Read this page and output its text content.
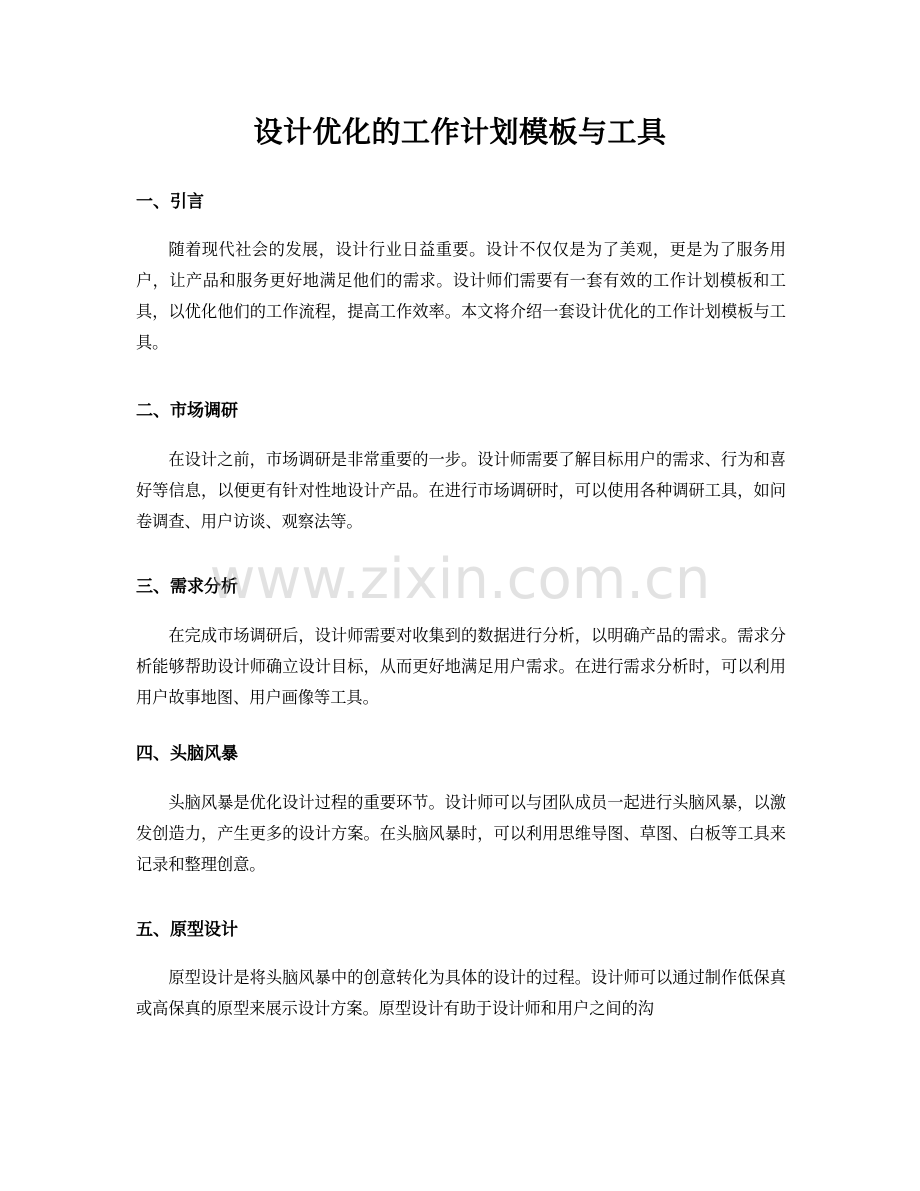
设计优化的工作计划模板与工具
一、引言

随着现代社会的发展，设计行业日益重要。设计不仅仅是为了美观，更是为了服务用户，让产品和服务更好地满足他们的需求。设计师们需要有一套有效的工作计划模板和工具，以优化他们的工作流程，提高工作效率。本文将介绍一套设计优化的工作计划模板与工具。

二、市场调研

在设计之前，市场调研是非常重要的一步。设计师需要了解目标用户的需求、行为和喜好等信息，以便更有针对性地设计产品。在进行市场调研时，可以使用各种调研工具，如问卷调查、用户访谈、观察法等。

三、需求分析

在完成市场调研后，设计师需要对收集到的数据进行分析，以明确产品的需求。需求分析能够帮助设计师确立设计目标，从而更好地满足用户需求。在进行需求分析时，可以利用用户故事地图、用户画像等工具。

四、头脑风暴

头脑风暴是优化设计过程的重要环节。设计师可以与团队成员一起进行头脑风暴，以激发创造力，产生更多的设计方案。在头脑风暴时，可以利用思维导图、草图、白板等工具来记录和整理创意。

五、原型设计

原型设计是将头脑风暴中的创意转化为具体的设计的过程。设计师可以通过制作低保真或高保真的原型来展示设计方案。原型设计有助于设计师和用户之间的沟

www.zixin.com.cn
